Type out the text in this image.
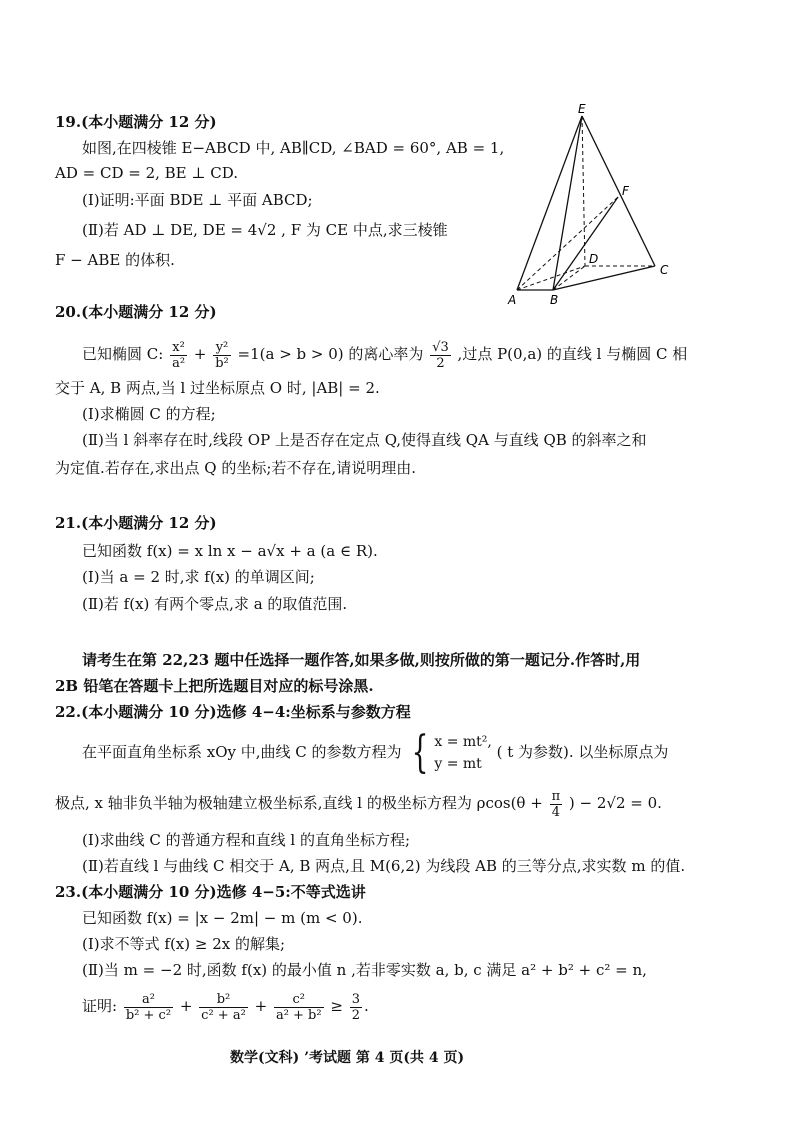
19.(本小题满分 12 分)
如图,在四棱锥 E−ABCD 中, AB∥CD, ∠BAD = 60°, AB = 1,
AD = CD = 2, BE ⊥ CD.
(Ⅰ)证明:平面 BDE ⊥ 平面 ABCD;
(Ⅱ)若 AD ⊥ DE, DE = 4√2 , F 为 CE 中点,求三棱锥
F − ABE 的体积.
E
F
D
C
A	B
20.(本小题满分 12 分)
已知椭圆 C: $\frac{\text{x²}}{\text{a²}} + \frac{\text{y²}}{\text{b²}} =1(a > b > 0)$ 的离心率为 $\frac{√3}{2}$ ,过点 P(0,a) 的直线 l 与椭圆 C 相
交于 A, B 两点,当 l 过坐标原点 O 时, |AB| = 2.
(Ⅰ)求椭圆 C 的方程;
(Ⅱ)当 l 斜率存在时,线段 OP 上是否存在定点 Q,使得直线 QA 与直线 QB 的斜率之和
为定值.若存在,求出点 Q 的坐标;若不存在,请说明理由.
21.(本小题满分 12 分)
已知函数 f(x) = x ln x − a√x + a (a ∈ R).
(Ⅰ)当 a = 2 时,求 f(x) 的单调区间;
(Ⅱ)若 f(x) 有两个零点,求 a 的取值范围.
请考生在第 22,23 题中任选择一题作答,如果多做,则按所做的第一题记分.作答时,用
2B 铅笔在答题卡上把所选题目对应的标号涂黑.
22.(本小题满分 10 分)选修 4−4:坐标系与参数方程
在平面直角坐标系 xOy 中,曲线 C 的参数方程为 { x = mt²,
y = mt
( t 为参数). 以坐标原点为
极点, x 轴非负半轴为极轴建立极坐标系,直线 l 的极坐标方程为 $\rho\cos(\theta + \frac{\pi}{4}$ ) − 2√2 = 0.
(Ⅰ)求曲线 C 的普通方程和直线 l 的直角坐标方程;
(Ⅱ)若直线 l 与曲线 C 相交于 A, B 两点,且 M(6,2) 为线段 AB 的三等分点,求实数 m 的值.
23.(本小题满分 10 分)选修 4−5:不等式选讲
已知函数 f(x) = |x − 2m| − m (m < 0).
(Ⅰ)求不等式 f(x) ≥ 2x 的解集;
(Ⅱ)当 m = −2 时,函数 f(x) 的最小值 n ,若非零实数 a, b, c 满足 a² + b² + c² = n,
证明: $\frac{\text{a²}}{\text{b² + c²}} + \frac{\text{b²}}{\text{c² + a²}} + \frac{\text{c²}}{\text{a² + b²}} \ge \frac{3}{2}$ .
数学(文科) ’考试题 第 4 页(共 4 页)
